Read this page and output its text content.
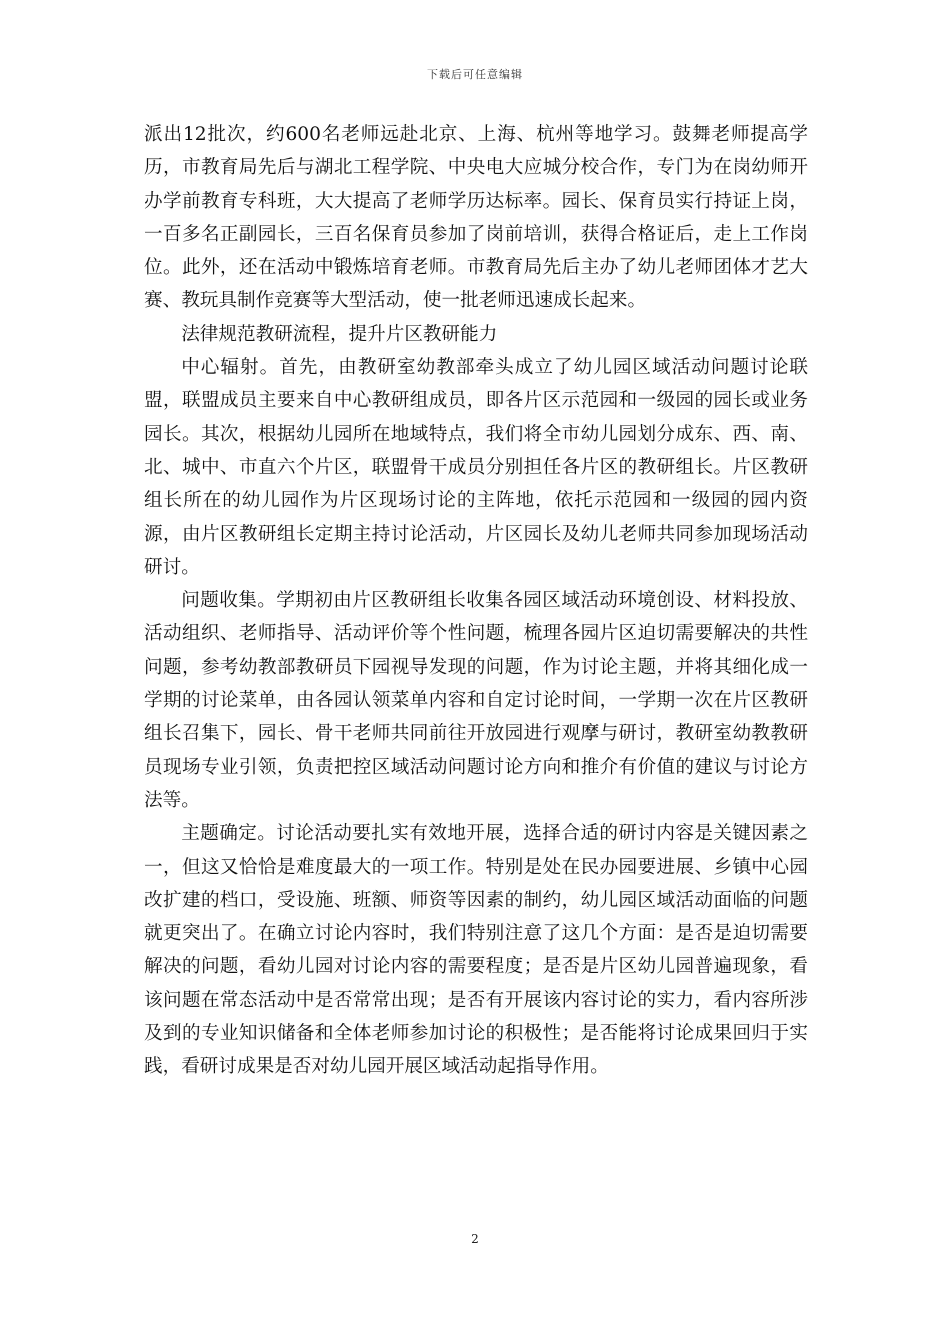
下载后可任意编辑

派出12批次，约600名老师远赴北京、上海、杭州等地学习。鼓舞老师提高学历，市教育局先后与湖北工程学院、中央电大应城分校合作，专门为在岗幼师开办学前教育专科班，大大提高了老师学历达标率。园长、保育员实行持证上岗，一百多名正副园长，三百名保育员参加了岗前培训，获得合格证后，走上工作岗位。此外，还在活动中锻炼培育老师。市教育局先后主办了幼儿老师团体才艺大赛、教玩具制作竞赛等大型活动，使一批老师迅速成长起来。

法律规范教研流程，提升片区教研能力

中心辐射。首先，由教研室幼教部牵头成立了幼儿园区域活动问题讨论联盟，联盟成员主要来自中心教研组成员，即各片区示范园和一级园的园长或业务园长。其次，根据幼儿园所在地域特点，我们将全市幼儿园划分成东、西、南、北、城中、市直六个片区，联盟骨干成员分别担任各片区的教研组长。片区教研组长所在的幼儿园作为片区现场讨论的主阵地，依托示范园和一级园的园内资源，由片区教研组长定期主持讨论活动，片区园长及幼儿老师共同参加现场活动研讨。

问题收集。学期初由片区教研组长收集各园区域活动环境创设、材料投放、活动组织、老师指导、活动评价等个性问题，梳理各园片区迫切需要解决的共性问题，参考幼教部教研员下园视导发现的问题，作为讨论主题，并将其细化成一学期的讨论菜单，由各园认领菜单内容和自定讨论时间，一学期一次在片区教研组长召集下，园长、骨干老师共同前往开放园进行观摩与研讨，教研室幼教教研员现场专业引领，负责把控区域活动问题讨论方向和推介有价值的建议与讨论方法等。

主题确定。讨论活动要扎实有效地开展，选择合适的研讨内容是关键因素之一，但这又恰恰是难度最大的一项工作。特别是处在民办园要进展、乡镇中心园改扩建的档口，受设施、班额、师资等因素的制约，幼儿园区域活动面临的问题就更突出了。在确立讨论内容时，我们特别注意了这几个方面：是否是迫切需要解决的问题，看幼儿园对讨论内容的需要程度；是否是片区幼儿园普遍现象，看该问题在常态活动中是否常常出现；是否有开展该内容讨论的实力，看内容所涉及到的专业知识储备和全体老师参加讨论的积极性；是否能将讨论成果回归于实践，看研讨成果是否对幼儿园开展区域活动起指导作用。

2
